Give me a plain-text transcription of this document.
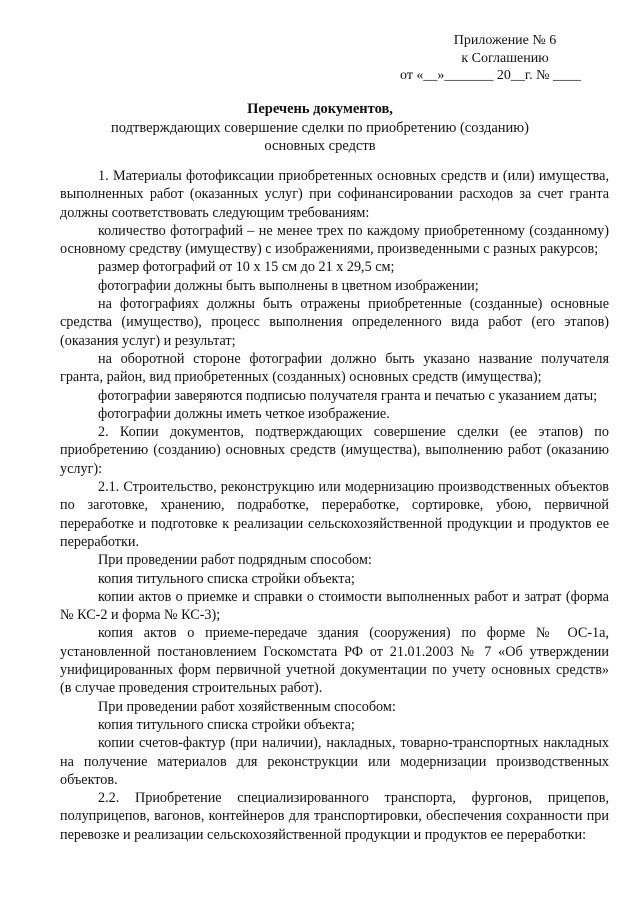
Приложение № 6
к Соглашению
от «__»_______ 20__г. № ____
Перечень документов,
подтверждающих совершение сделки по приобретению (созданию)
основных средств

1. Материалы фотофиксации приобретенных основных средств и (или) имущества, выполненных работ (оказанных услуг) при софинансировании расходов за счет гранта должны соответствовать следующим требованиям:

количество фотографий – не менее трех по каждому приобретенному (созданному) основному средству (имуществу) с изображениями, произведенными с разных ракурсов;

размер фотографий от 10 х 15 см до 21 х 29,5 см;

фотографии должны быть выполнены в цветном изображении;

на фотографиях должны быть отражены приобретенные (созданные) основные средства (имущество), процесс выполнения определенного вида работ (его этапов) (оказания услуг) и результат;

на оборотной стороне фотографии должно быть указано название получателя гранта, район, вид приобретенных (созданных) основных средств (имущества);

фотографии заверяются подписью получателя гранта и печатью с указанием даты;

фотографии должны иметь четкое изображение.

2. Копии документов, подтверждающих совершение сделки (ее этапов) по приобретению (созданию) основных средств (имущества), выполнению работ (оказанию услуг):

2.1. Строительство, реконструкцию или модернизацию производственных объектов по заготовке, хранению, подработке, переработке, сортировке, убою, первичной переработке и подготовке к реализации сельскохозяйственной продукции и продуктов ее переработки.

При проведении работ подрядным способом:

копия титульного списка стройки объекта;

копии актов о приемке и справки о стоимости выполненных работ и затрат (форма № КС-2 и форма № КС-3);

копия актов о приеме-передаче здания (сооружения) по форме № ОС-1а, установленной постановлением Госкомстата РФ от 21.01.2003 № 7 «Об утверждении унифицированных форм первичной учетной документации по учету основных средств» (в случае проведения строительных работ).

При проведении работ хозяйственным способом:

копия титульного списка стройки объекта;

копии счетов-фактур (при наличии), накладных, товарно-транспортных накладных на получение материалов для реконструкции или модернизации производственных объектов.

2.2. Приобретение специализированного транспорта, фургонов, прицепов, полуприцепов, вагонов, контейнеров для транспортировки, обеспечения сохранности при перевозке и реализации сельскохозяйственной продукции и продуктов ее переработки:
